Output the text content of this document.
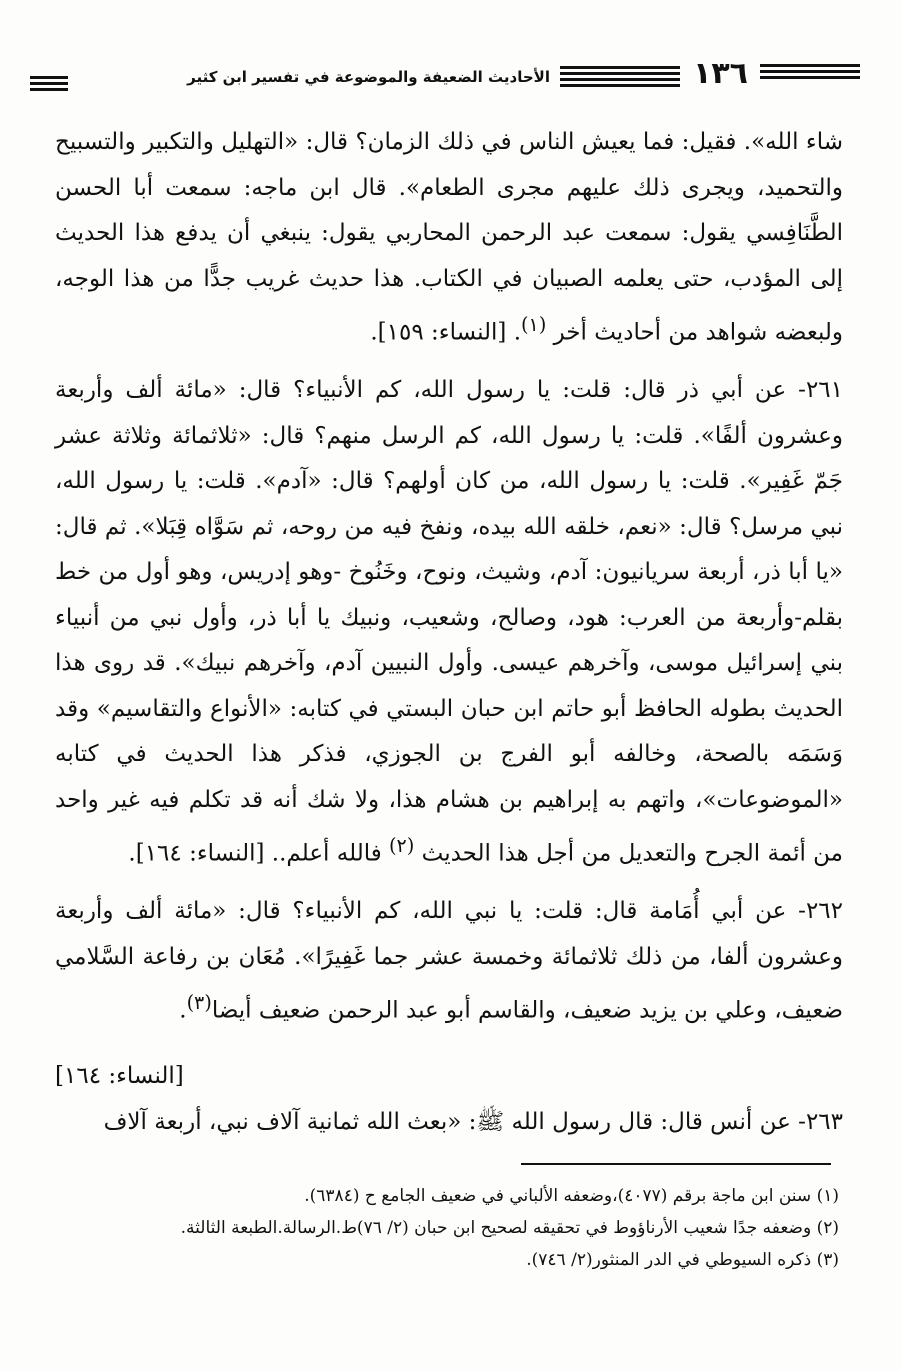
١٣٦
الأحاديث الضعيفة والموضوعة في تفسير ابن كثير

شاء الله». فقيل: فما يعيش الناس في ذلك الزمان؟ قال: «التهليل والتكبير والتسبيح والتحميد، ويجرى ذلك عليهم مجرى الطعام». قال ابن ماجه: سمعت أبا الحسن الطَّنَافِسي يقول: سمعت عبد الرحمن المحاربي يقول: ينبغي أن يدفع هذا الحديث إلى المؤدب، حتى يعلمه الصبيان في الكتاب. هذا حديث غريب جدًّا من هذا الوجه، ولبعضه شواهد من أحاديث أخر $^{(١)}$. [النساء: ١٥٩].

٢٦١- عن أبي ذر قال: قلت: يا رسول الله، كم الأنبياء؟ قال: «مائة ألف وأربعة وعشرون ألفًا». قلت: يا رسول الله، كم الرسل منهم؟ قال: «ثلاثمائة وثلاثة عشر جَمّ غَفِير». قلت: يا رسول الله، من كان أولهم؟ قال: «آدم». قلت: يا رسول الله، نبي مرسل؟ قال: «نعم، خلقه الله بيده، ونفخ فيه من روحه، ثم سَوَّاه قِبَلا». ثم قال: «يا أبا ذر، أربعة سريانيون: آدم، وشيث، ونوح، وخَنُوخ -وهو إدريس، وهو أول من خط بقلم-وأربعة من العرب: هود، وصالح، وشعيب، ونبيك يا أبا ذر، وأول نبي من أنبياء بني إسرائيل موسى، وآخرهم عيسى. وأول النبيين آدم، وآخرهم نبيك». قد روى هذا الحديث بطوله الحافظ أبو حاتم ابن حبان البستي في كتابه: «الأنواع والتقاسيم» وقد وَسَمَه بالصحة، وخالفه أبو الفرج بن الجوزي، فذكر هذا الحديث في كتابه «الموضوعات»، واتهم به إبراهيم بن هشام هذا، ولا شك أنه قد تكلم فيه غير واحد من أئمة الجرح والتعديل من أجل هذا الحديث $^{(٢)}$ فالله أعلم.. [النساء: ١٦٤].

٢٦٢- عن أبي أُمَامة قال: قلت: يا نبي الله، كم الأنبياء؟ قال: «مائة ألف وأربعة وعشرون ألفا، من ذلك ثلاثمائة وخمسة عشر جما غَفِيرًا». مُعَان بن رفاعة السَّلامي ضعيف، وعلي بن يزيد ضعيف، والقاسم أبو عبد الرحمن ضعيف أيضا$^{(٣)}$.

[النساء: ١٦٤]

٢٦٣- عن أنس قال: قال رسول الله ﷺ: «بعث الله ثمانية آلاف نبي، أربعة آلاف

(١) سنن ابن ماجة برقم (٤٠٧٧)،وضعفه الألباني في ضعيف الجامع ح (٦٣٨٤).
(٢) وضعفه جدًا شعيب الأرناؤوط في تحقيقه لصحيح ابن حبان (٢/ ٧٦)ط.الرسالة.الطبعة الثالثة.
(٣) ذكره السيوطي في الدر المنثور(٢/ ٧٤٦).
